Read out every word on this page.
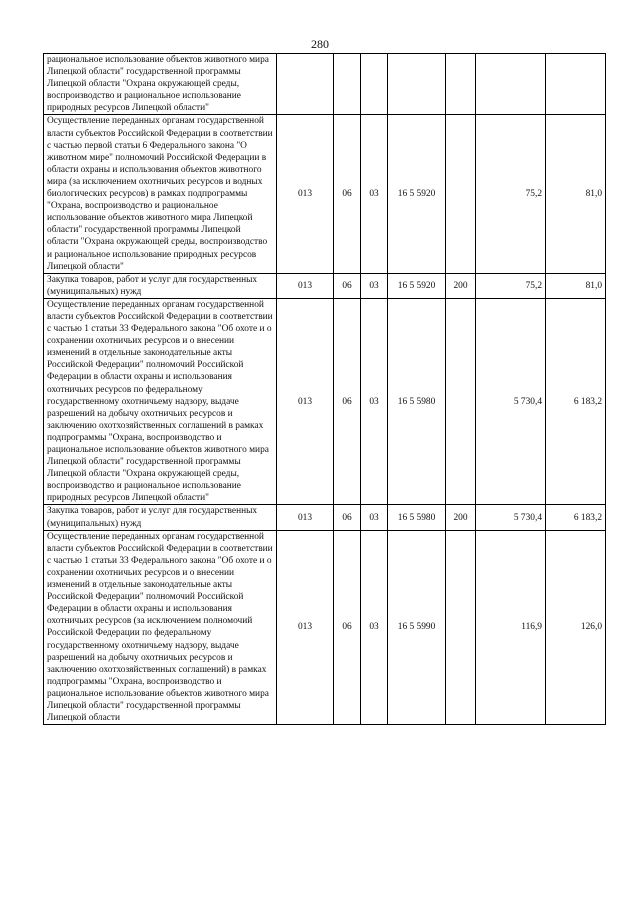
280
рациональное использование объектов животного мира Липецкой области" государственной программы Липецкой области "Охрана окружающей среды, воспроизводство и рациональное использование природных ресурсов Липецкой области"							
Осуществление переданных органам государственной власти субъектов Российской Федерации в соответствии с частью первой статьи 6 Федерального закона "О животном мире" полномочий Российской Федерации в области охраны и использования объектов животного мира (за исключением охотничьих ресурсов и водных биологических ресурсов) в рамках подпрограммы "Охрана, воспроизводство и рациональное использование объектов животного мира Липецкой области" государственной программы Липецкой области "Охрана окружающей среды, воспроизводство и рациональное использование природных ресурсов Липецкой области"	013	06	03	16 5 5920		75,2	81,0
Закупка товаров, работ и услуг для государственных (муниципальных) нужд	013	06	03	16 5 5920	200	75,2	81,0
Осуществление переданных органам государственной власти субъектов Российской Федерации в соответствии с частью 1 статьи 33 Федерального закона "Об охоте и о сохранении охотничьих ресурсов и о внесении изменений в отдельные законодательные акты Российской Федерации" полномочий Российской Федерации в области охраны и использования охотничьих ресурсов по федеральному государственному охотничьему надзору, выдаче разрешений на добычу охотничьих ресурсов и заключению охотхозяйственных соглашений в рамках подпрограммы "Охрана, воспроизводство и рациональное использование объектов животного мира Липецкой области" государственной программы Липецкой области "Охрана окружающей среды, воспроизводство и рациональное использование природных ресурсов Липецкой области"	013	06	03	16 5 5980		5 730,4	6 183,2
Закупка товаров, работ и услуг для государственных (муниципальных) нужд	013	06	03	16 5 5980	200	5 730,4	6 183,2
Осуществление переданных органам государственной власти субъектов Российской Федерации в соответствии с частью 1 статьи 33 Федерального закона "Об охоте и о сохранении охотничьих ресурсов и о внесении изменений в отдельные законодательные акты Российской Федерации" полномочий Российской Федерации в области охраны и использования охотничьих ресурсов (за исключением полномочий Российской Федерации по федеральному государственному охотничьему надзору, выдаче разрешений на добычу охотничьих ресурсов и заключению охотхозяйственных соглашений) в рамках подпрограммы "Охрана, воспроизводство и рациональное использование объектов животного мира Липецкой области" государственной программы Липецкой области	013	06	03	16 5 5990		116,9	126,0
